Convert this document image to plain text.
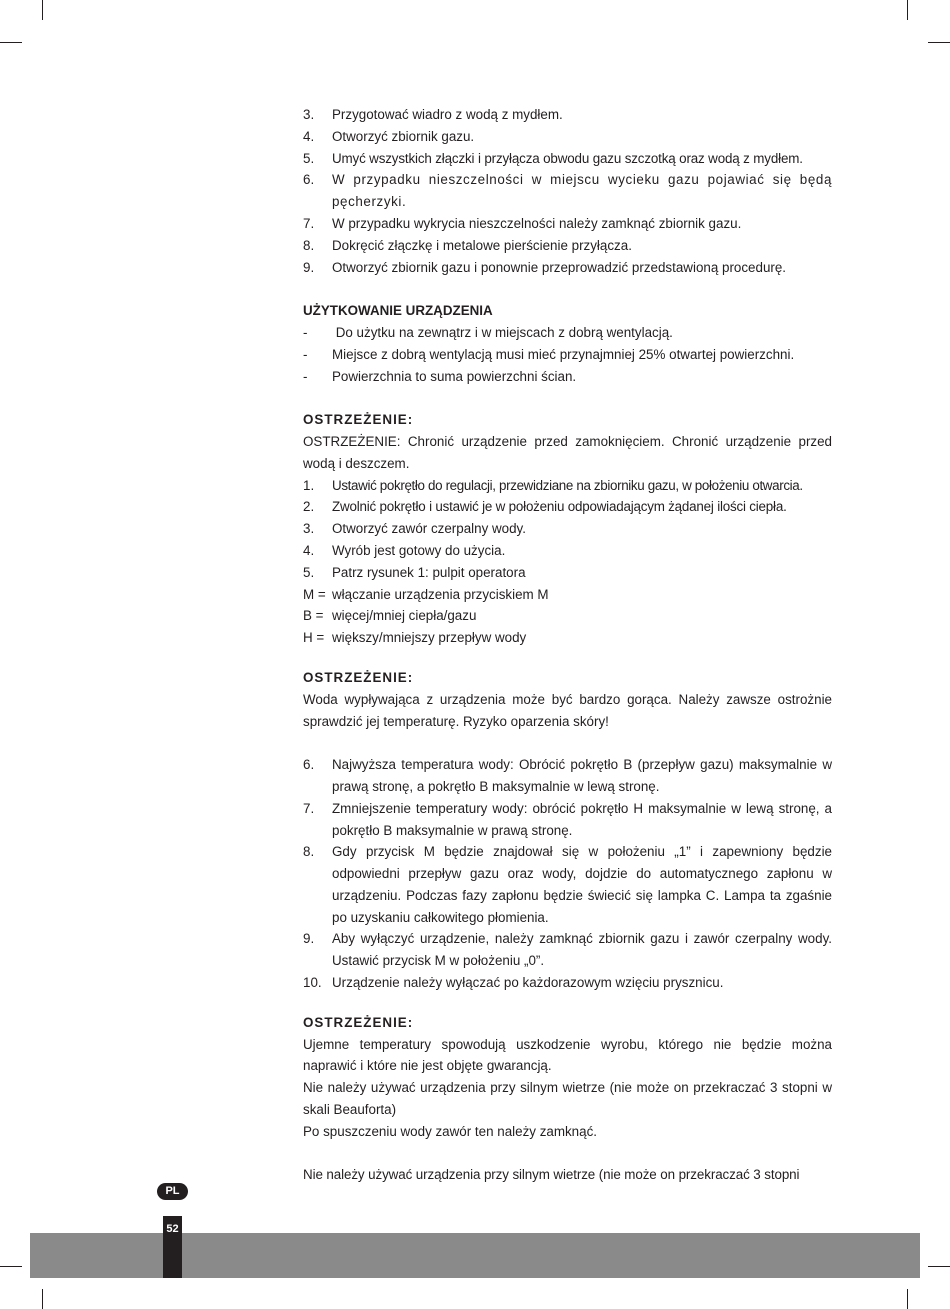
3.	Przygotować wiadro z wodą z mydłem.
4.	Otworzyć zbiornik gazu.
5.	Umyć wszystkich złączki i przyłącza obwodu gazu szczotką oraz wodą z mydłem.
6.	W przypadku nieszczelności w miejscu wycieku gazu pojawiać się będą pęcherzyki.
7.	W przypadku wykrycia nieszczelności należy zamknąć zbiornik gazu.
8.	Dokręcić złączkę i metalowe pierścienie przyłącza.
9.	Otworzyć zbiornik gazu i ponownie przeprowadzić przedstawioną procedurę.
UŻYTKOWANIE URZĄDZENIA
-	Do użytku na zewnątrz i w miejscach z dobrą wentylacją.
-	Miejsce z dobrą wentylacją musi mieć przynajmniej 25% otwartej powierzchni.
-	Powierzchnia to suma powierzchni ścian.
OSTRZEŻENIE:
OSTRZEŻENIE: Chronić urządzenie przed zamoknięciem. Chronić urządzenie przed wodą i deszczem.
1.	Ustawić pokrętło do regulacji, przewidziane na zbiorniku gazu, w położeniu otwarcia.
2.	Zwolnić pokrętło i ustawić je w położeniu odpowiadającym żądanej ilości ciepła.
3.	Otworzyć zawór czerpalny wody.
4.	Wyrób jest gotowy do użycia.
5.	Patrz rysunek 1: pulpit operatora
M = włączanie urządzenia przyciskiem M
B = więcej/mniej ciepła/gazu
H = większy/mniejszy przepływ wody
OSTRZEŻENIE:
Woda wypływająca z urządzenia może być bardzo gorąca. Należy zawsze ostrożnie sprawdzić jej temperaturę. Ryzyko oparzenia skóry!
6.	Najwyższa temperatura wody: Obrócić pokrętło B (przepływ gazu) maksymalnie w prawą stronę, a pokrętło B maksymalnie w lewą stronę.
7.	Zmniejszenie temperatury wody: obrócić pokrętło H maksymalnie w lewą stronę, a pokrętło B maksymalnie w prawą stronę.
8.	Gdy przycisk M będzie znajdował się w położeniu „1” i zapewniony będzie odpowiedni przepływ gazu oraz wody, dojdzie do automatycznego zapłonu w urządzeniu. Podczas fazy zapłonu będzie świecić się lampka C. Lampa ta zgaśnie po uzyskaniu całkowitego płomienia.
9.	Aby wyłączyć urządzenie, należy zamknąć zbiornik gazu i zawór czerpalny wody. Ustawić przycisk M w położeniu „0”.
10. Urządzenie należy wyłączać po każdorazowym wzięciu prysznicu.
OSTRZEŻENIE:
Ujemne temperatury spowodują uszkodzenie wyrobu, którego nie będzie można naprawić i które nie jest objęte gwarancją.
Nie należy używać urządzenia przy silnym wietrze (nie może on przekraczać 3 stopni w skali Beauforta)
Po spuszczeniu wody zawór ten należy zamknąć.
Nie należy używać urządzenia przy silnym wietrze (nie może on przekraczać 3 stopni
PL
52
